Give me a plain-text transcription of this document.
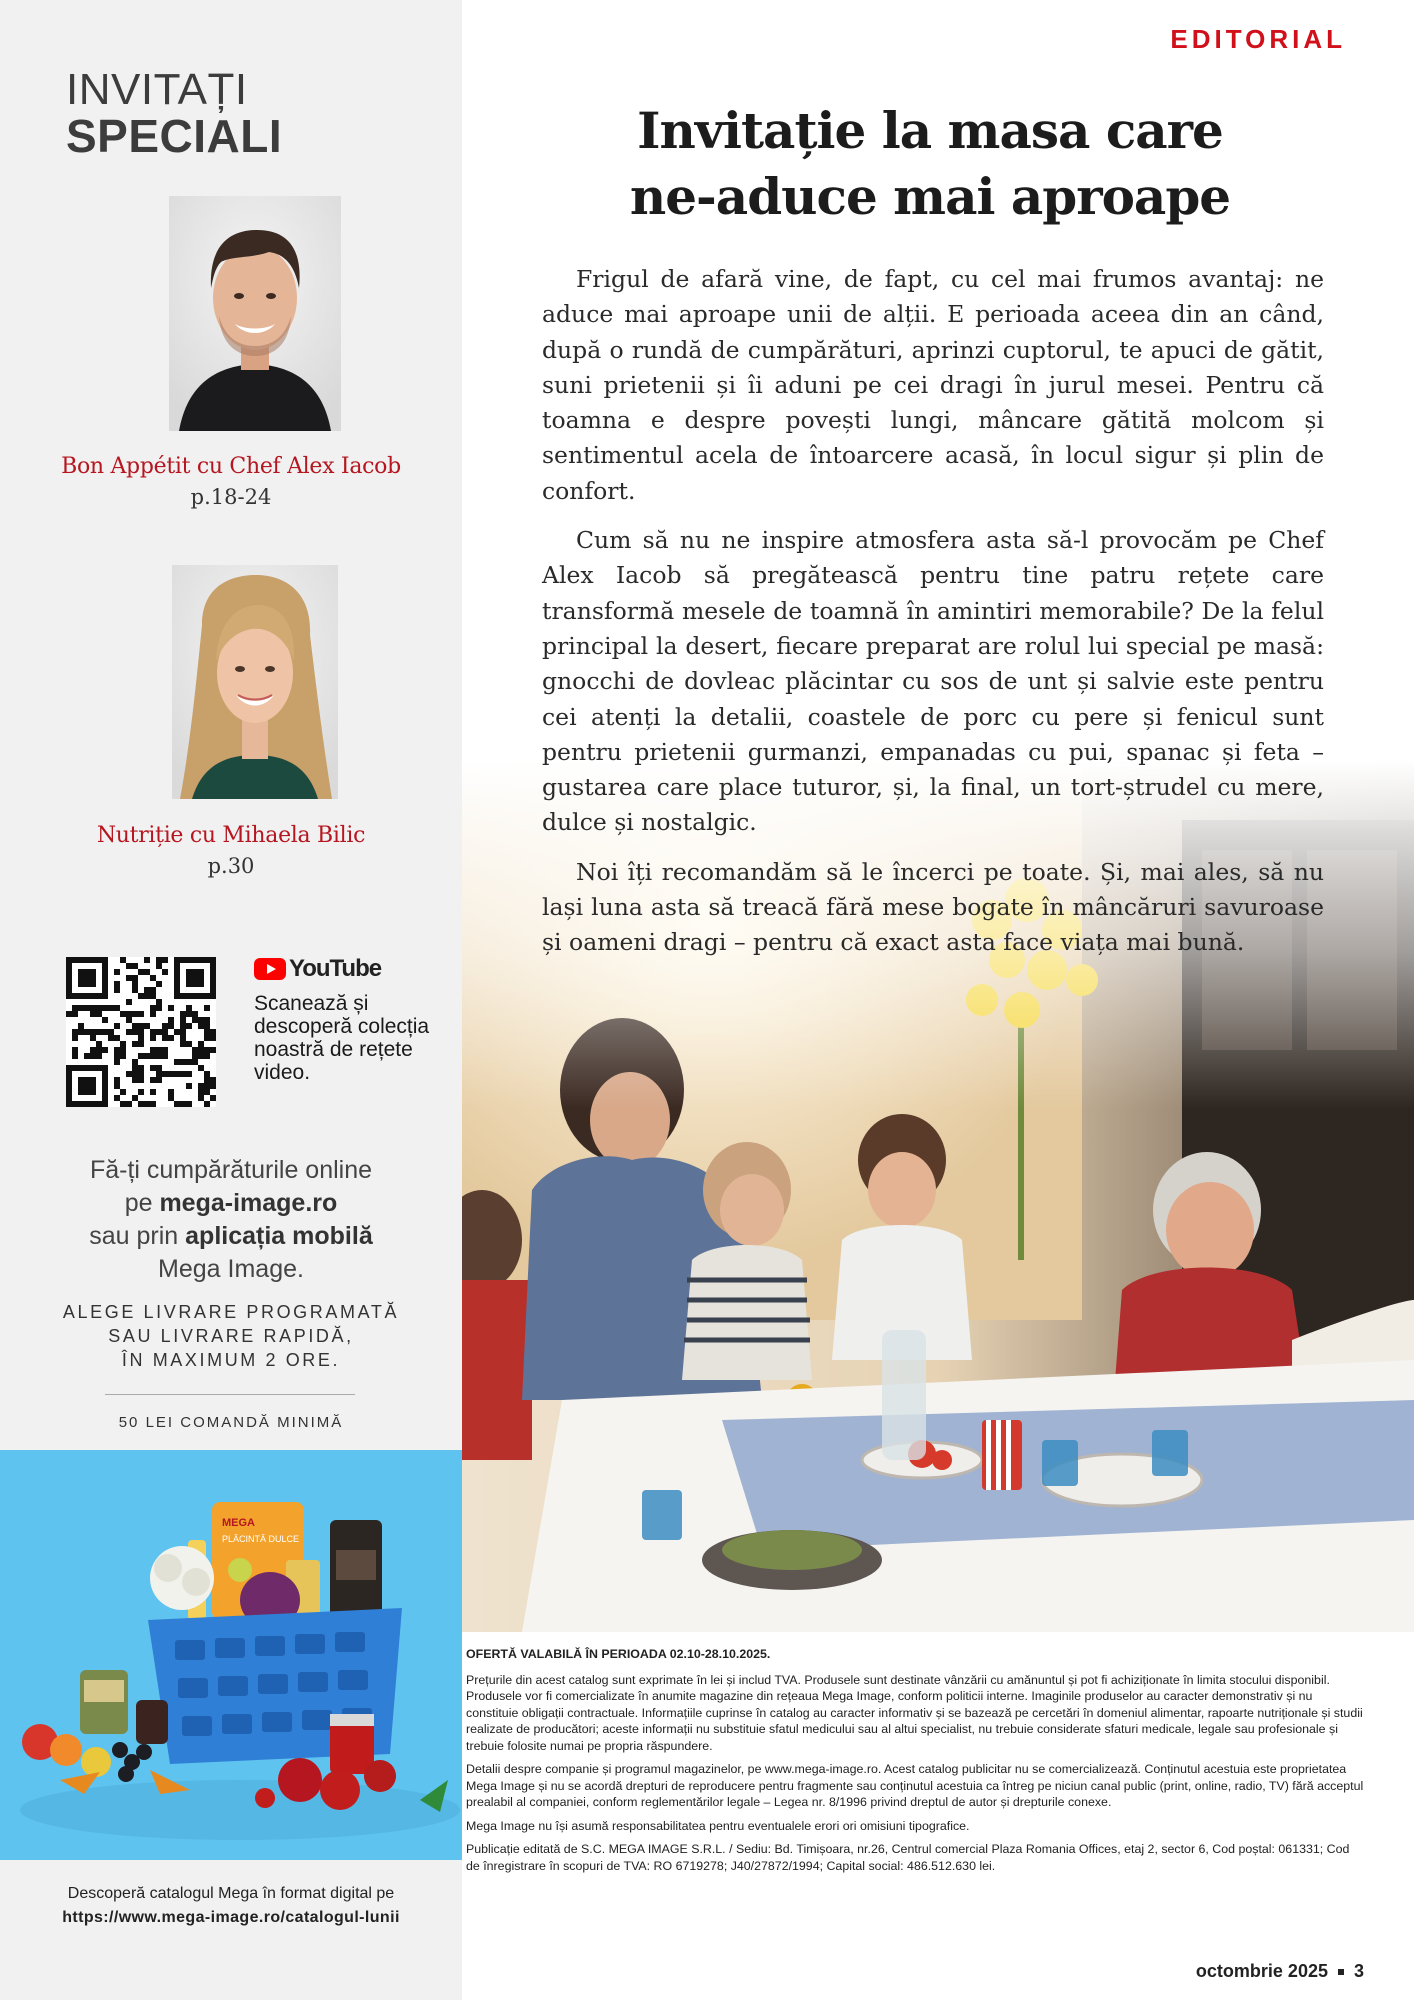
INVITAȚI
SPECIALI
Bon Appétit cu Chef Alex Iacob
p.18-24
Nutriție cu Mihaela Bilic
p.30
YouTube
Scanează și descoperă colecția noastră de rețete video.
Fă-ți cumpărăturile online
pe mega-image.ro
sau prin aplicația mobilă
Mega Image.
ALEGE LIVRARE PROGRAMATĂ
SAU LIVRARE RAPIDĂ,
ÎN MAXIMUM 2 ORE.
50 LEI COMANDĂ MINIMĂ
MEGA
PLĂCINTĂ DULCE
Descoperă catalogul Mega în format digital pe
https://www.mega-image.ro/catalogul-lunii
EDITORIAL
Invitație la masa care
ne-aduce mai aproape

Frigul de afară vine, de fapt, cu cel mai frumos avantaj: ne aduce mai aproape unii de alții. E perioada aceea din an când, după o rundă de cumpărături, aprinzi cuptorul, te apuci de gătit, suni prietenii și îi aduni pe cei dragi în jurul mesei. Pentru că toamna e despre povești lungi, mâncare gătită molcom și sentimentul acela de întoarcere acasă, în locul sigur și plin de confort.

Cum să nu ne inspire atmosfera asta să-l provocăm pe Chef Alex Iacob să pregătească pentru tine patru rețete care transformă mesele de toamnă în amintiri memorabile? De la felul principal la desert, fiecare preparat are rolul lui special pe masă: gnocchi de dovleac plăcintar cu sos de unt și salvie este pentru cei atenți la detalii, coastele de porc cu pere și fenicul sunt pentru prietenii gurmanzi, empanadas cu pui, spanac și feta – gustarea care place tuturor, și, la final, un tort-ștrudel cu mere, dulce și nostalgic.

Noi îți recomandăm să le încerci pe toate. Și, mai ales, să nu lași luna asta să treacă fără mese bogate în mâncăruri savuroase și oameni dragi – pentru că exact asta face viața mai bună.

OFERTĂ VALABILĂ ÎN PERIOADA 02.10-28.10.2025.

Prețurile din acest catalog sunt exprimate în lei și includ TVA. Produsele sunt destinate vânzării cu amănuntul și pot fi achiziționate în limita stocului disponibil. Produsele vor fi comercializate în anumite magazine din rețeaua Mega Image, conform politicii interne. Imaginile produselor au caracter demonstrativ și nu constituie obligații contractuale. Informațiile cuprinse în catalog au caracter informativ și se bazează pe cercetări în domeniul alimentar, rapoarte nutriționale și studii realizate de producători; aceste informații nu substituie sfatul medicului sau al altui specialist, nu trebuie considerate sfaturi medicale, legale sau profesionale și trebuie folosite numai pe propria răspundere.

Detalii despre companie și programul magazinelor, pe www.mega-image.ro. Acest catalog publicitar nu se comercializează. Conținutul acestuia este proprietatea Mega Image și nu se acordă drepturi de reproducere pentru fragmente sau conținutul acestuia ca întreg pe niciun canal public (print, online, radio, TV) fără acceptul prealabil al companiei, conform reglementărilor legale – Legea nr. 8/1996 privind dreptul de autor și drepturile conexe.

Mega Image nu își asumă responsabilitatea pentru eventualele erori ori omisiuni tipografice.

Publicație editată de S.C. MEGA IMAGE S.R.L. / Sediu: Bd. Timișoara, nr.26, Centrul comercial Plaza Romania Offices, etaj 2, sector 6, Cod poștal: 061331; Cod de înregistrare în scopuri de TVA: RO 6719278; J40/27872/1994; Capital social: 486.512.630 lei.

octombrie 2025 3
